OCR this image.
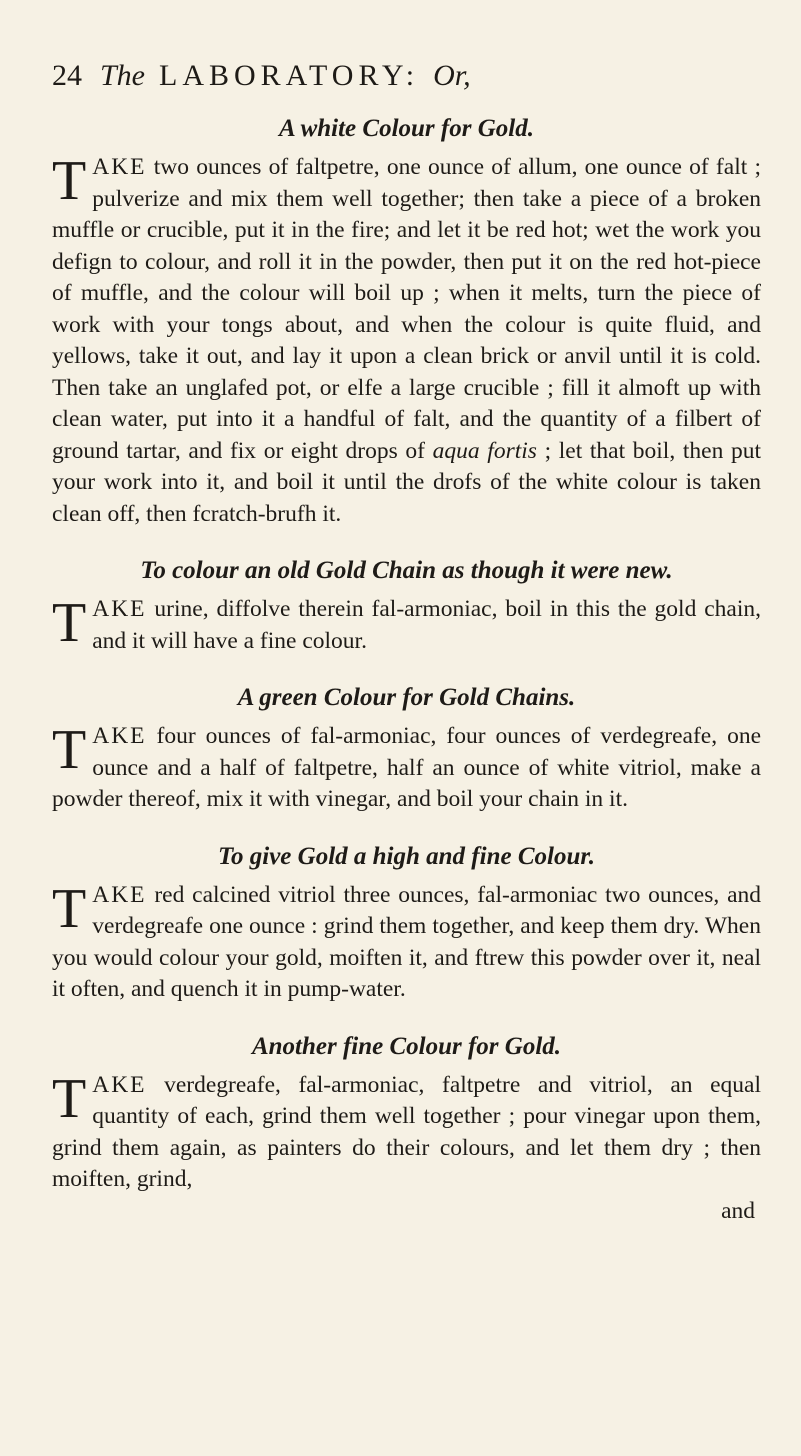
24 The LABORATORY: Or,
A white Colour for Gold.

TAKE two ounces of faltpetre, one ounce of allum, one ounce of falt ; pulverize and mix them well together; then take a piece of a broken muffle or crucible, put it in the fire; and let it be red hot; wet the work you defign to colour, and roll it in the powder, then put it on the red hot-piece of muffle, and the colour will boil up ; when it melts, turn the piece of work with your tongs about, and when the colour is quite fluid, and yellows, take it out, and lay it upon a clean brick or anvil until it is cold. Then take an unglafed pot, or elfe a large crucible ; fill it almoft up with clean water, put into it a handful of falt, and the quantity of a filbert of ground tartar, and fix or eight drops of aqua fortis ; let that boil, then put your work into it, and boil it until the drofs of the white colour is taken clean off, then fcratch-brufh it.

To colour an old Gold Chain as though it were new.

TAKE urine, diffolve therein fal-armoniac, boil in this the gold chain, and it will have a fine colour.

A green Colour for Gold Chains.

TAKE four ounces of fal-armoniac, four ounces of verdegreafe, one ounce and a half of faltpetre, half an ounce of white vitriol, make a powder thereof, mix it with vinegar, and boil your chain in it.

To give Gold a high and fine Colour.

TAKE red calcined vitriol three ounces, fal-armoniac two ounces, and verdegreafe one ounce : grind them together, and keep them dry. When you would colour your gold, moiften it, and ftrew this powder over it, neal it often, and quench it in pump-water.

Another fine Colour for Gold.

TAKE verdegreafe, fal-armoniac, faltpetre and vitriol, an equal quantity of each, grind them well together ; pour vinegar upon them, grind them again, as painters do their colours, and let them dry ; then moiften, grind,

and
